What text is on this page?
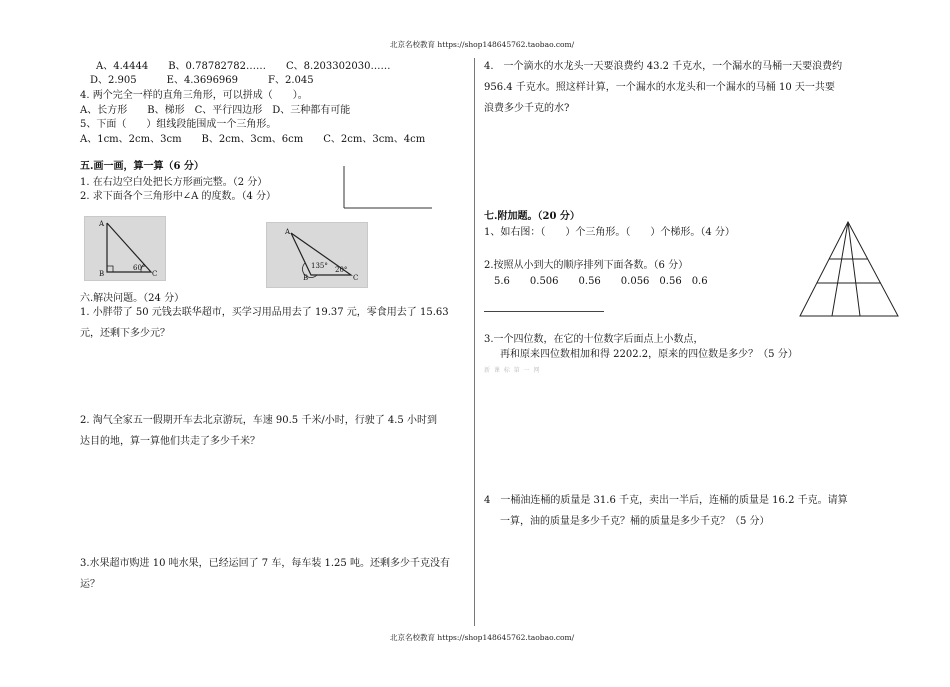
北京名校教育 https://shop148645762.taobao.com/
A、4.4444　　B、0.78782782……　　C、8.203302030……
D、2.905　　　E、4.3696969　　　F、2.045
4. 两个完全一样的直角三角形，可以拼成（　　）。
A、长方形　　B、梯形　C、平行四边形　D、三种都有可能
5、下面（　　）组线段能围成一个三角形。
A、1cm、2cm、3cm　　B、2cm、3cm、6cm　　C、2cm、3cm、4cm
五.画一画，算一算（6 分）
1. 在右边空白处把长方形画完整。（2 分）
2. 求下面各个三角形中∠A 的度数。（4 分）
A
B	C
60°
A
B	C
135° 20°
六.解决问题。（24 分）
1. 小胖带了 50 元钱去联华超市，买学习用品用去了 19.37 元，零食用去了 15.63
元，还剩下多少元？
2. 淘气全家五一假期开车去北京游玩，车速 90.5 千米/小时，行驶了 4.5 小时到
达目的地，算一算他们共走了多少千米？
3.水果超市购进 10 吨水果，已经运回了 7 车，每车装 1.25 吨。还剩多少千克没有
运？
4.　一个滴水的水龙头一天要浪费约 43.2 千克水，一个漏水的马桶一天要浪费约
956.4 千克水。照这样计算，一个漏水的水龙头和一个漏水的马桶 10 天一共要
浪费多少千克的水?
七.附加题。（20 分）
1、如右图：（　　）个三角形。（　　）个梯形。（4 分）
2.按照从小到大的顺序排列下面各数。（6 分）
5.6　　0.506　　0.56　　0.056　0.56　0.6
3.一个四位数，在它的十位数字后面点上小数点，
再和原来四位数相加和得 2202.2，原来的四位数是多少？（5 分）
新 课 标 第 一 网
4　一桶油连桶的质量是 31.6 千克，卖出一半后，连桶的质量是 16.2 千克。请算
一算，油的质量是多少千克？桶的质量是多少千克？（5 分）
北京名校教育 https://shop148645762.taobao.com/
